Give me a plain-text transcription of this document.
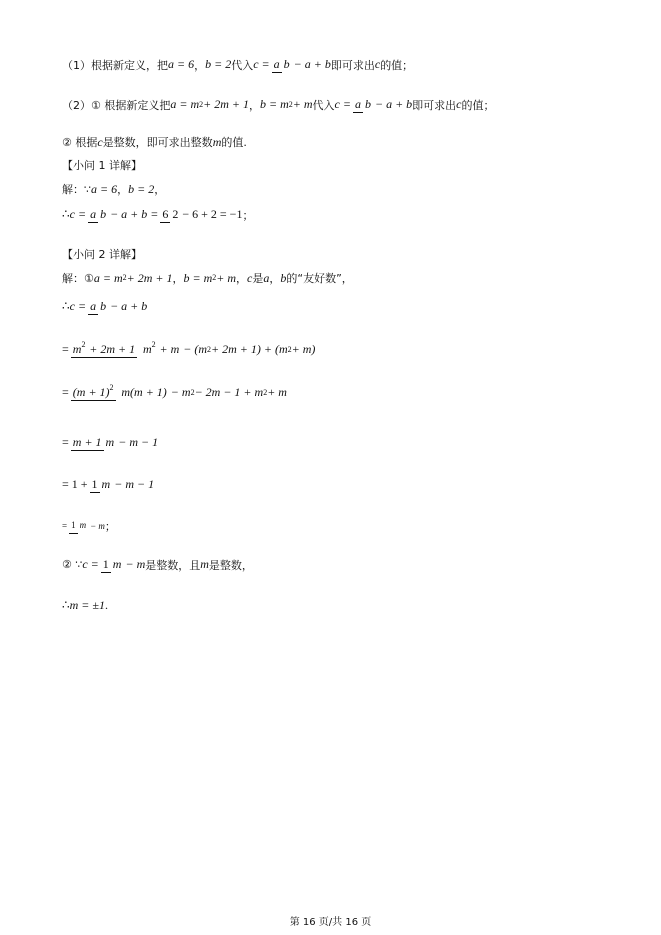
（1）根据新定义，把 a = 6 ， b = 2 代入 c = a b − a + b 即可求出 c 的值；
（2）① 根据新定义把 a = m 2 + 2m + 1 ， b = m 2 + m 代入 c = a b − a + b 即可求出 c 的值；
② 根据 c 是整数，即可求出整数 m 的值.
【小问 1 详解】
解：∵ a = 6 ， b = 2 ，
∴ c = a b − a + b = 6 2 − 6 + 2 = −1 ；
【小问 2 详解】
解：① a = m 2 + 2m + 1 ， b = m 2 + m ， c 是 a ， b 的“友好数”，
∴ c = a b − a + b
= $m^2 + 2m + 1$ $m^2 + m - (m$ 2 + 2m + 1) + (m 2 + m)
= $(m + 1)^2$ m(m + 1) − m 2 − 2m − 1 + m 2 + m
= m + 1 m − m − 1
= 1 + 1 m − m − 1
= 1 m − m ；
② ∵ c = 1 m − m 是整数，且 m 是整数，
∴ m = ±1 .
第 16 页/共 16 页
